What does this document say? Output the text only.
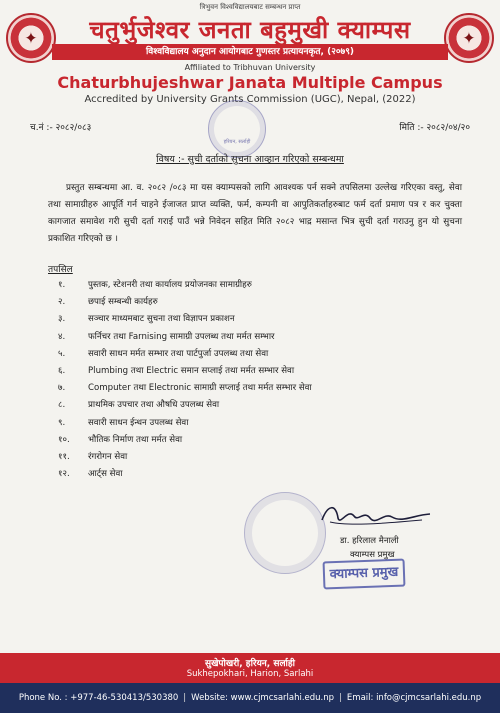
✦	✦
त्रिभुवन विश्वविद्यालयबाट सम्बन्धन प्राप्त
चतुर्भुजेश्वर जनता बहुमुखी क्याम्पस
विश्वविद्यालय अनुदान आयोगबाट गुणस्तर प्रत्यायनकृत, (२०७९)
Affiliated to Tribhuvan University
Chaturbhujeshwar Janata Multiple Campus
Accredited by University Grants Commission (UGC), Nepal, (2022)
हरियन, सर्लाही
च.नं :- २०८२/०८३	मिति :- २०८२/०४/२०
विषय :- सुची दर्ताको सुचना आव्हान गरिएको सम्बन्धमा
प्रस्तुत सम्बन्धमा आ. व. २०८२ /०८३ मा यस क्याम्पसको लागि आवश्यक पर्न सक्ने तपसिलमा उल्लेख गरिएका वस्तु, सेवा तथा सामाग्रीहरु आपूर्ति गर्न चाहने ईजाजत प्राप्त व्यक्ति, फर्म, कम्पनी वा आपुतिकर्ताहरुबाट फर्म दर्ता प्रमाण पत्र र कर चुक्ता कागजात समावेश गरी सुची दर्ता गराई पाउँ भन्ने निवेदन सहित मिति २०८२ भाद्र मसान्त भित्र सुची दर्ता गराउनु हुन यो सुचना प्रकाशित गरिएको छ ।
तपसिल
१.	पुस्तक, स्टेशनरी तथा कार्यालय प्रयोजनका सामाग्रीहरु
२.	छपाई सम्बन्धी कार्यहरु
३.	सञ्चार माध्यमबाट सुचना तथा विज्ञापन प्रकाशन
४.	फर्निचर तथा Farnising सामाग्री उपलब्ध तथा मर्मत सम्भार
५.	सवारी साधन मर्मत सम्भार तथा पार्टपुर्जा उपलब्ध तथा सेवा
६.	Plumbing तथा Electric समान सप्लाई तथा मर्मत सम्भार सेवा
७.	Computer तथा Electronic सामाग्री सप्लाई तथा मर्मत सम्भार सेवा
८.	प्राथमिक उपचार तथा औषधि उपलब्ध सेवा
९.	सवारी साधन ईन्धन उपलब्ध सेवा
१०.	भौतिक निर्माण तथा मर्मत सेवा
११.	रंगरोगन सेवा
१२.	आर्ट्स सेवा
डा. हरिलाल मैनाली
क्याम्पस प्रमुख
क्याम्पस प्रमुख
सुखेपोखरी, हरियन, सर्लाही
Sukhepokhari, Harion, Sarlahi
Phone No. : +977-46-530413/530380 | Website: www.cjmcsarlahi.edu.np | Email: info@cjmcsarlahi.edu.np
